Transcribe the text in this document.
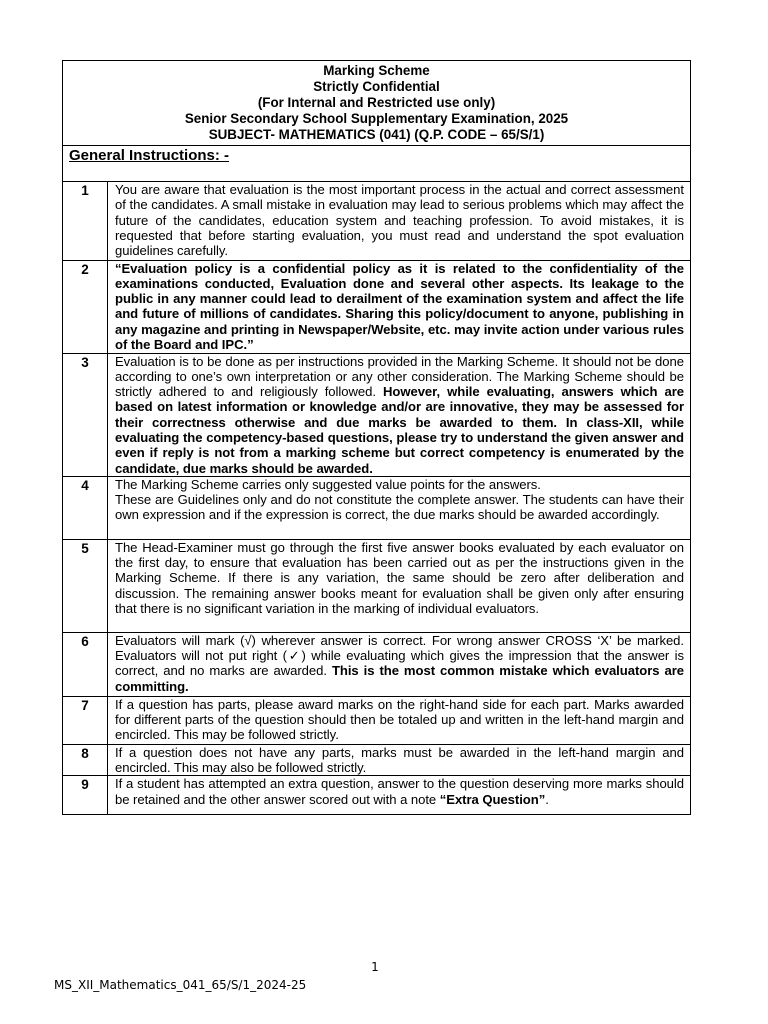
Marking Scheme
Strictly Confidential
(For Internal and Restricted use only)
Senior Secondary School Supplementary Examination, 2025
SUBJECT- MATHEMATICS (041) (Q.P. CODE – 65/S/1)
General Instructions: -
1	You are aware that evaluation is the most important process in the actual and correct assessment of the candidates. A small mistake in evaluation may lead to serious problems which may affect the future of the candidates, education system and teaching profession. To avoid mistakes, it is requested that before starting evaluation, you must read and understand the spot evaluation guidelines carefully.
2	“Evaluation policy is a confidential policy as it is related to the confidentiality of the examinations conducted, Evaluation done and several other aspects. Its leakage to the public in any manner could lead to derailment of the examination system and affect the life and future of millions of candidates. Sharing this policy/document to anyone, publishing in any magazine and printing in Newspaper/Website, etc. may invite action under various rules of the Board and IPC.”
3	Evaluation is to be done as per instructions provided in the Marking Scheme. It should not be done according to one’s own interpretation or any other consideration. The Marking Scheme should be strictly adhered to and religiously followed. However, while evaluating, answers which are based on latest information or knowledge and/or are innovative, they may be assessed for their correctness otherwise and due marks be awarded to them. In class-XII, while evaluating the competency-based questions, please try to understand the given answer and even if reply is not from a marking scheme but correct competency is enumerated by the candidate, due marks should be awarded.
4	The Marking Scheme carries only suggested value points for the answers.
These are Guidelines only and do not constitute the complete answer. The students can have their own expression and if the expression is correct, the due marks should be awarded accordingly.

5	The Head-Examiner must go through the first five answer books evaluated by each evaluator on the first day, to ensure that evaluation has been carried out as per the instructions given in the Marking Scheme. If there is any variation, the same should be zero after deliberation and discussion. The remaining answer books meant for evaluation shall be given only after ensuring that there is no significant variation in the marking of individual evaluators.
6	Evaluators will mark (√) wherever answer is correct. For wrong answer CROSS ‘X’ be marked. Evaluators will not put right (✓) while evaluating which gives the impression that the answer is correct, and no marks are awarded. This is the most common mistake which evaluators are committing.
7	If a question has parts, please award marks on the right-hand side for each part. Marks awarded for different parts of the question should then be totaled up and written in the left-hand margin and encircled. This may be followed strictly.
8	If a question does not have any parts, marks must be awarded in the left-hand margin and encircled. This may also be followed strictly.
9	If a student has attempted an extra question, answer to the question deserving more marks should be retained and the other answer scored out with a note “Extra Question”.
1
MS_XII_Mathematics_041_65/S/1_2024-25
